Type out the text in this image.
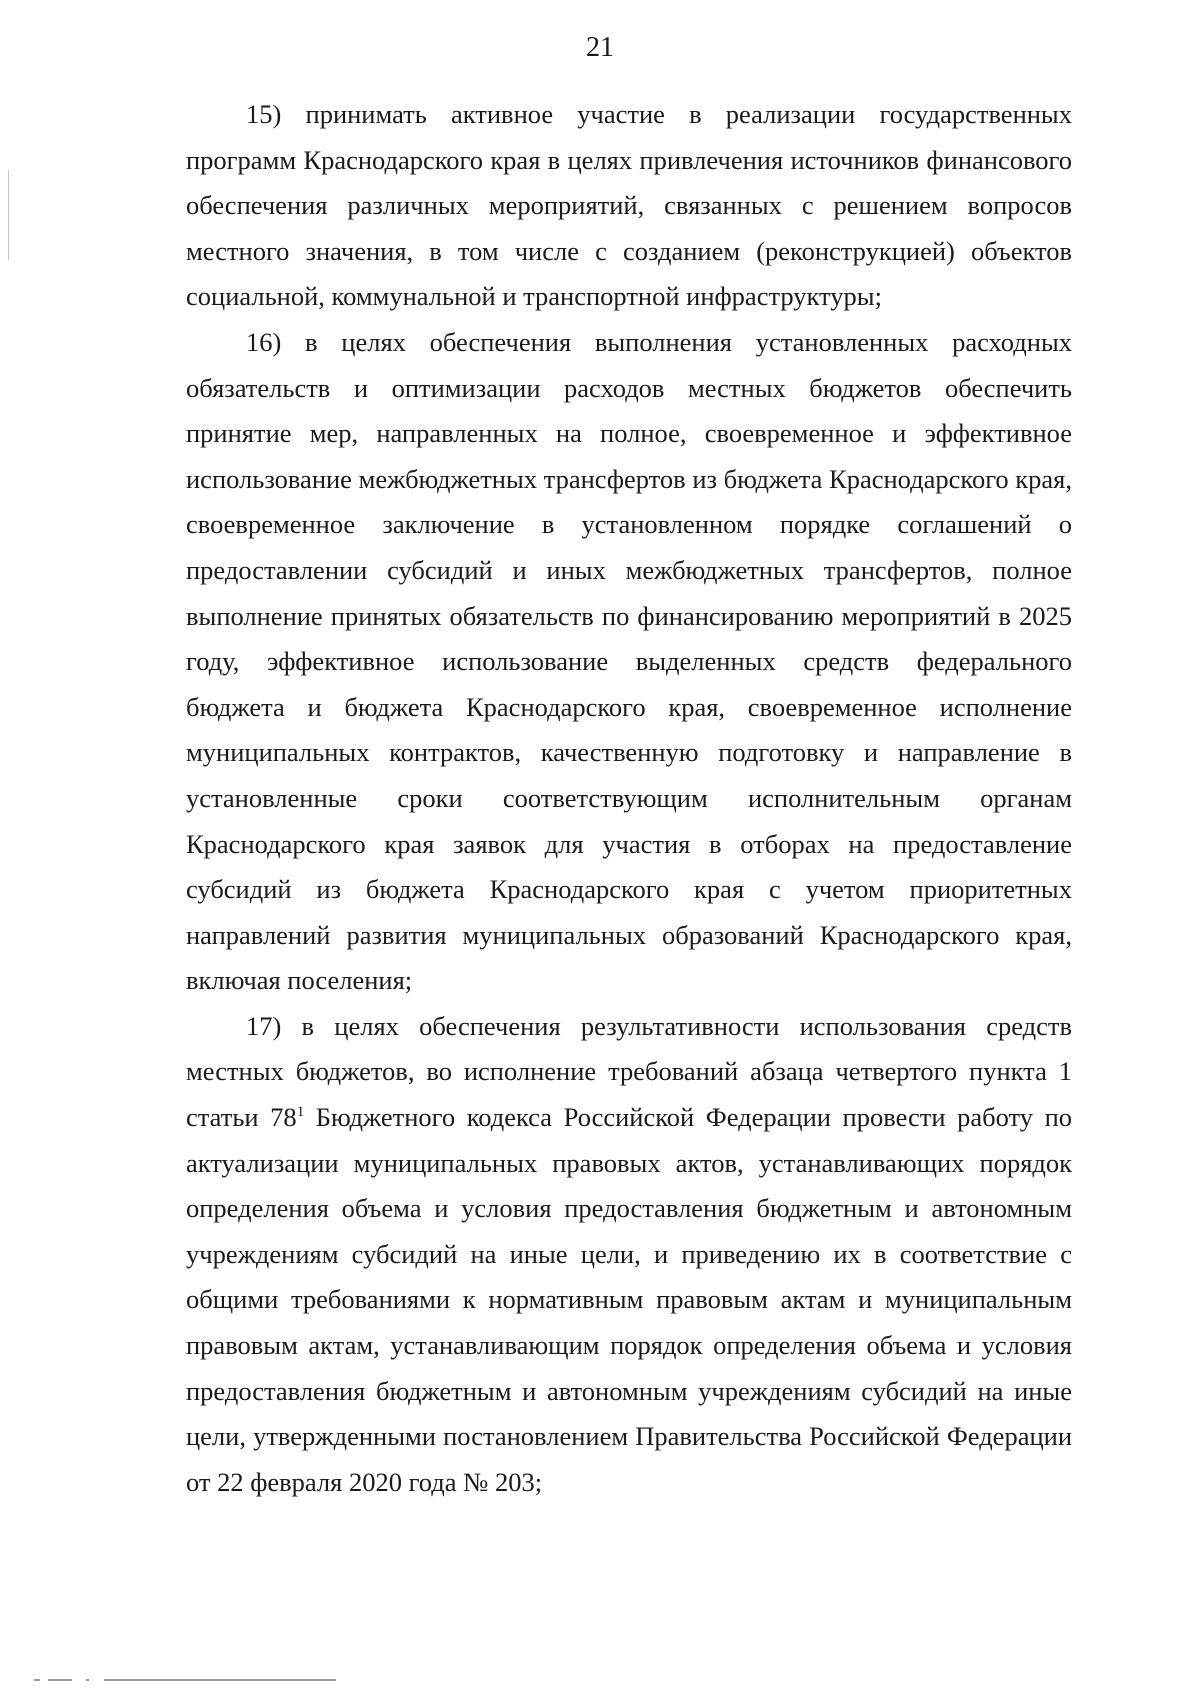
21

15) принимать активное участие в реализации государственных программ Краснодарского края в целях привлечения источников финансового обеспечения различных мероприятий, связанных с решением вопросов местного значения, в том числе с созданием (реконструкцией) объектов социальной, коммунальной и транспортной инфраструктуры;

16) в целях обеспечения выполнения установленных расходных обязательств и оптимизации расходов местных бюджетов обеспечить принятие мер, направленных на полное, своевременное и эффективное использование межбюджетных трансфертов из бюджета Краснодарского края, своевременное заключение в установленном порядке соглашений о предоставлении субсидий и иных межбюджетных трансфертов, полное выполнение принятых обязательств по финансированию мероприятий в 2025 году, эффективное использование выделенных средств федерального бюджета и бюджета Краснодарского края, своевременное исполнение муниципальных контрактов, качественную подготовку и направление в установленные сроки соответствующим исполнительным органам Краснодарского края заявок для участия в отборах на предоставление субсидий из бюджета Краснодарского края с учетом приоритетных направлений развития муниципальных образований Краснодарского края, включая поселения;

17) в целях обеспечения результативности использования средств местных бюджетов, во исполнение требований абзаца четвертого пункта 1 статьи $78^1$ Бюджетного кодекса Российской Федерации провести работу по актуализации муниципальных правовых актов, устанавливающих порядок определения объема и условия предоставления бюджетным и автономным учреждениям субсидий на иные цели, и приведению их в соответствие с общими требованиями к нормативным правовым актам и муниципальным правовым актам, устанавливающим порядок определения объема и условия предоставления бюджетным и автономным учреждениям субсидий на иные цели, утвержденными постановлением Правительства Российской Федерации от 22 февраля 2020 года № 203;
